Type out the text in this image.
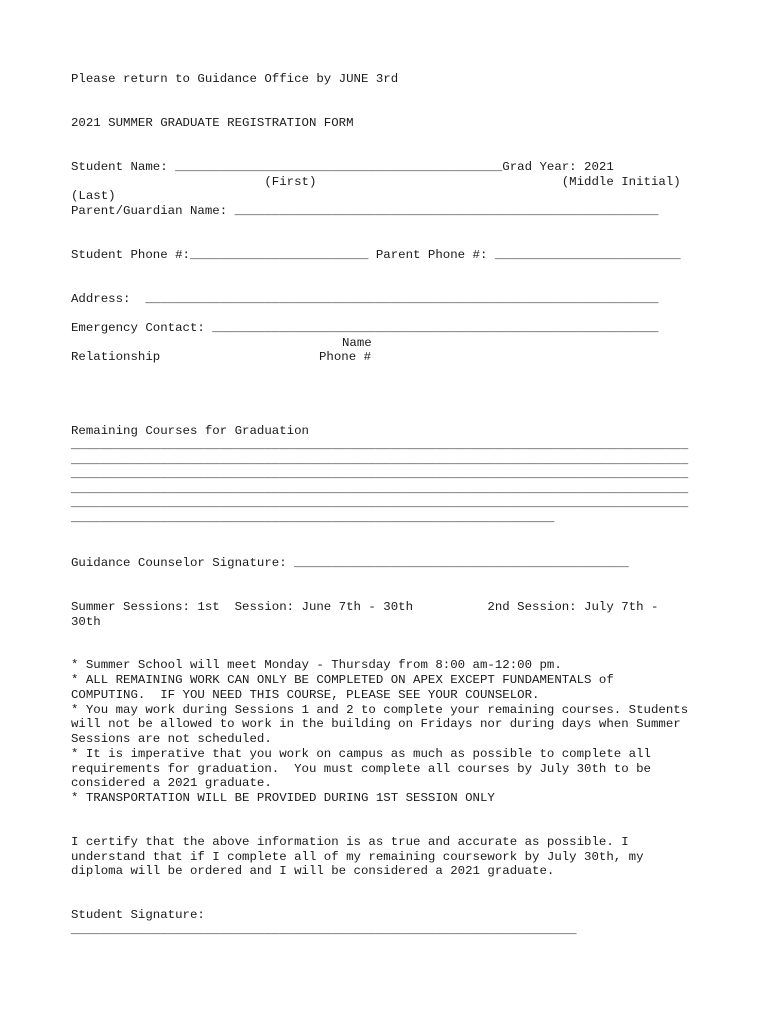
Please return to Guidance Office by JUNE 3rd
2021 SUMMER GRADUATE REGISTRATION FORM
Student Name: ____________________________________________Grad Year: 2021
(First)                                 (Middle Initial)
(Last)
Parent/Guardian Name: _________________________________________________________
Student Phone #:________________________ Parent Phone #: _________________________
Address:  _____________________________________________________________________
Emergency Contact: ____________________________________________________________
Name
Relationship	Phone #
Remaining Courses for Graduation
___________________________________________________________________________________
___________________________________________________________________________________
___________________________________________________________________________________
___________________________________________________________________________________
___________________________________________________________________________________
_________________________________________________________________
Guidance Counselor Signature: _____________________________________________
Summer Sessions: 1st  Session: June 7th - 30th          2nd Session: July 7th -
30th
* Summer School will meet Monday - Thursday from 8:00 am-12:00 pm.
* ALL REMAINING WORK CAN ONLY BE COMPLETED ON APEX EXCEPT FUNDAMENTALS of
COMPUTING.  IF YOU NEED THIS COURSE, PLEASE SEE YOUR COUNSELOR.
* You may work during Sessions 1 and 2 to complete your remaining courses. Students
will not be allowed to work in the building on Fridays nor during days when Summer
Sessions are not scheduled.
* It is imperative that you work on campus as much as possible to complete all
requirements for graduation.  You must complete all courses by July 30th to be
considered a 2021 graduate.
* TRANSPORTATION WILL BE PROVIDED DURING 1ST SESSION ONLY
I certify that the above information is as true and accurate as possible. I
understand that if I complete all of my remaining coursework by July 30th, my
diploma will be ordered and I will be considered a 2021 graduate.
Student Signature:
____________________________________________________________________
